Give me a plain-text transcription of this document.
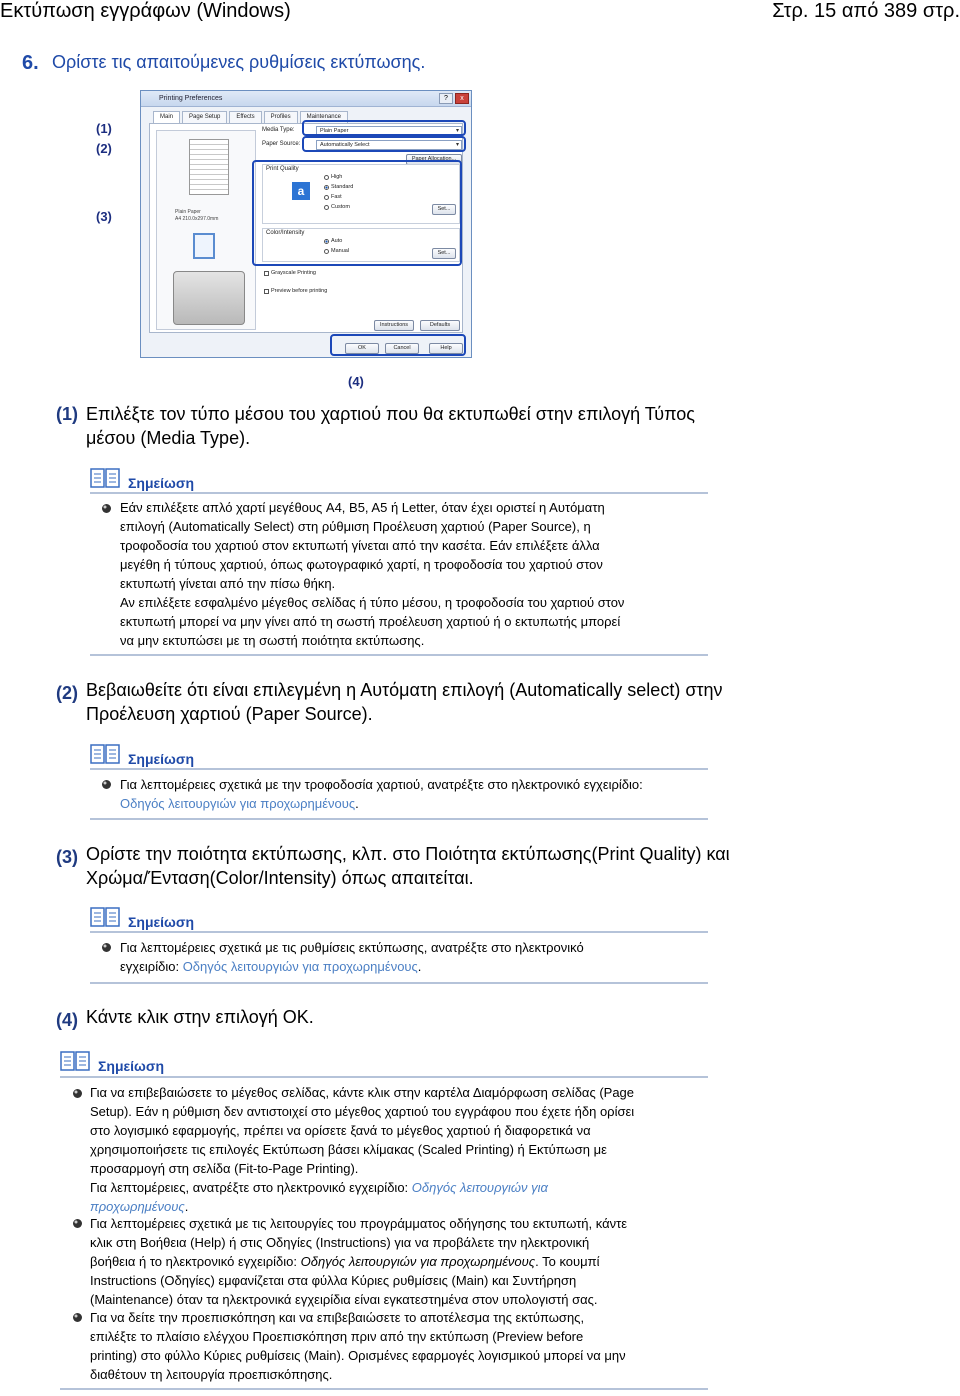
Εκτύπωση εγγράφων (Windows)	Στρ. 15 από 389 στρ.
6. Ορίστε τις απαιτούμενες ρυθμίσεις εκτύπωσης.
(1)
(2)
(3)
(4)
Printing Preferences	?	x
Main	Page Setup	Effects	Profiles	Maintenance
Plain Paper
A4 210.0x297.0mm
Media Type:	Plain Paper ▾
Paper Source:	Automatically Select ▾
Paper Allocation...
Print Quality
a
High
Standard
Fast
Custom	Set...
Color/Intensity
Auto
Manual	Set...
Grayscale Printing
Preview before printing
Instructions	Defaults
OK	Cancel	Help
(1) Επιλέξτε τον τύπο μέσου του χαρτιού που θα εκτυπωθεί στην επιλογή Τύπος
μέσου (Media Type).
Σημείωση
Εάν επιλέξετε απλό χαρτί μεγέθους A4, B5, A5 ή Letter, όταν έχει οριστεί η Αυτόματη
επιλογή (Automatically Select) στη ρύθμιση Προέλευση χαρτιού (Paper Source), η
τροφοδοσία του χαρτιού στον εκτυπωτή γίνεται από την κασέτα. Εάν επιλέξετε άλλα
μεγέθη ή τύπους χαρτιού, όπως φωτογραφικό χαρτί, η τροφοδοσία του χαρτιού στον
εκτυπωτή γίνεται από την πίσω θήκη.
Αν επιλέξετε εσφαλμένο μέγεθος σελίδας ή τύπο μέσου, η τροφοδοσία του χαρτιού στον
εκτυπωτή μπορεί να μην γίνει από τη σωστή προέλευση χαρτιού ή ο εκτυπωτής μπορεί
να μην εκτυπώσει με τη σωστή ποιότητα εκτύπωσης.
(2) Βεβαιωθείτε ότι είναι επιλεγμένη η Αυτόματη επιλογή (Automatically select) στην
Προέλευση χαρτιού (Paper Source).
Σημείωση
Για λεπτομέρειες σχετικά με την τροφοδοσία χαρτιού, ανατρέξτε στο ηλεκτρονικό εγχειρίδιο:
Οδηγός λειτουργιών για προχωρημένους.
(3) Ορίστε την ποιότητα εκτύπωσης, κλπ. στο Ποιότητα εκτύπωσης(Print Quality) και
Χρώμα/Ένταση(Color/Intensity) όπως απαιτείται.
Σημείωση
Για λεπτομέρειες σχετικά με τις ρυθμίσεις εκτύπωσης, ανατρέξτε στο ηλεκτρονικό
εγχειρίδιο: Οδηγός λειτουργιών για προχωρημένους.
(4) Κάντε κλικ στην επιλογή OK.
Σημείωση
Για να επιβεβαιώσετε το μέγεθος σελίδας, κάντε κλικ στην καρτέλα Διαμόρφωση σελίδας (Page
Setup). Εάν η ρύθμιση δεν αντιστοιχεί στο μέγεθος χαρτιού του εγγράφου που έχετε ήδη ορίσει
στο λογισμικό εφαρμογής, πρέπει να ορίσετε ξανά το μέγεθος χαρτιού ή διαφορετικά να
χρησιμοποιήσετε τις επιλογές Εκτύπωση βάσει κλίμακας (Scaled Printing) ή Εκτύπωση με
προσαρμογή στη σελίδα (Fit-to-Page Printing).
Για λεπτομέρειες, ανατρέξτε στο ηλεκτρονικό εγχειρίδιο: Οδηγός λειτουργιών για
προχωρημένους.
Για λεπτομέρειες σχετικά με τις λειτουργίες του προγράμματος οδήγησης του εκτυπωτή, κάντε
κλικ στη Βοήθεια (Help) ή στις Οδηγίες (Instructions) για να προβάλετε την ηλεκτρονική
βοήθεια ή το ηλεκτρονικό εγχειρίδιο: Οδηγός λειτουργιών για προχωρημένους. Το κουμπί
Instructions (Οδηγίες) εμφανίζεται στα φύλλα Κύριες ρυθμίσεις (Main) και Συντήρηση
(Maintenance) όταν τα ηλεκτρονικά εγχειρίδια είναι εγκατεστημένα στον υπολογιστή σας.
Για να δείτε την προεπισκόπηση και να επιβεβαιώσετε το αποτέλεσμα της εκτύπωσης,
επιλέξτε το πλαίσιο ελέγχου Προεπισκόπηση πριν από την εκτύπωση (Preview before
printing) στο φύλλο Κύριες ρυθμίσεις (Main). Ορισμένες εφαρμογές λογισμικού μπορεί να μην
διαθέτουν τη λειτουργία προεπισκόπησης.
